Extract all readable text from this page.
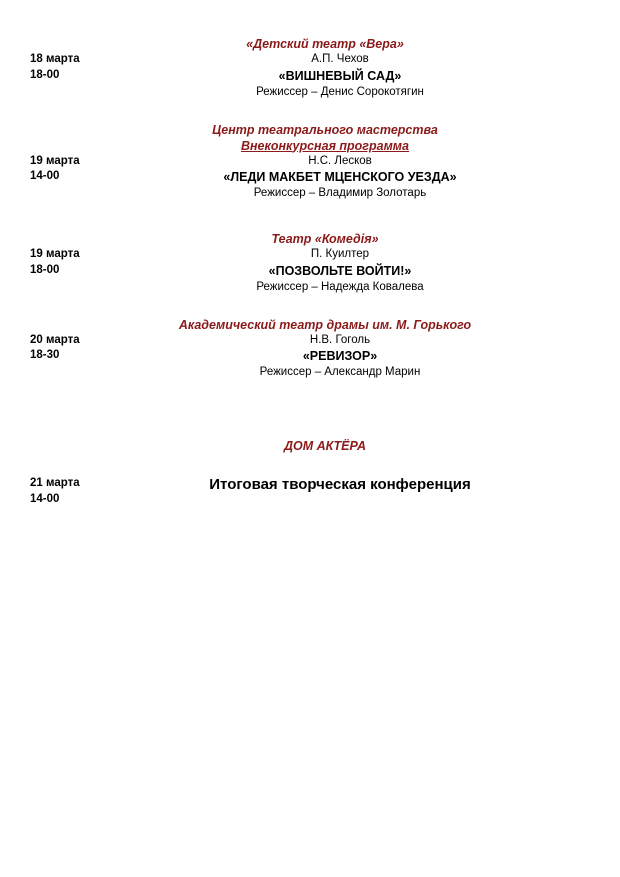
«Детский театр «Вера»
18 марта
18-00
А.П. Чехов
«ВИШНЕВЫЙ САД»
Режиссер – Денис Сорокотягин
Центр театрального мастерства
Внеконкурсная программа
19 марта
14-00
Н.С. Лесков
«ЛЕДИ МАКБЕТ МЦЕНСКОГО УЕЗДА»
Режиссер – Владимир Золотарь
Театр «Комедiя»
19 марта
18-00
П. Куилтер
«ПОЗВОЛЬТЕ ВОЙТИ!»
Режиссер – Надежда Ковалева
Академический театр драмы им. М. Горького
20 марта
18-30
Н.В. Гоголь
«РЕВИЗОР»
Режиссер – Александр Марин
ДОМ АКТЁРА
21 марта
14-00
Итоговая творческая конференция
